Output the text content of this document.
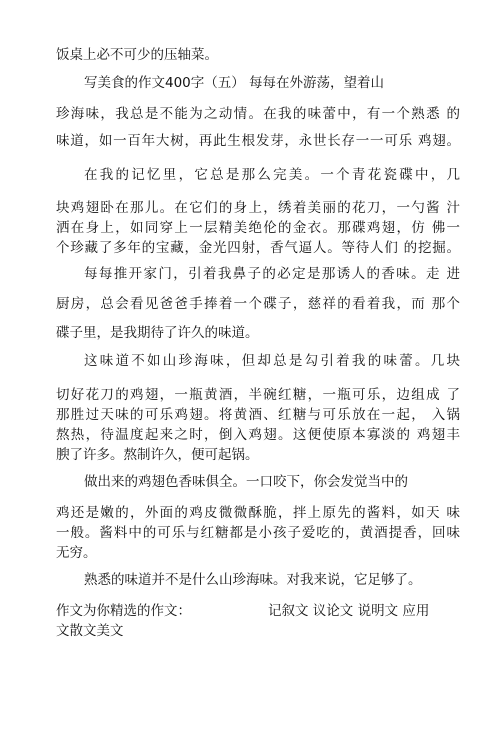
饭桌上必不可少的压轴菜。
写美食的作文400字（五） 每每在外游荡，望着山
珍海味，我总是不能为之动情。在我的味蕾中，有一个熟悉 的
味道，如一百年大树，再此生根发芽，永世长存一一可乐 鸡翅。
在我的记忆里，它总是那么完美。一个青花瓷碟中，几
块鸡翅卧在那儿。在它们的身上，绣着美丽的花刀，一勺酱 汁
洒在身上，如同穿上一层精美绝伦的金衣。那碟鸡翅，仿 佛一
个珍藏了多年的宝藏，金光四射，香气逼人。等待人们 的挖掘。
每每推开家门，引着我鼻子的必定是那诱人的香味。走 进
厨房，总会看见爸爸手捧着一个碟子，慈祥的看着我，而 那个
碟子里，是我期待了许久的味道。
这味道不如山珍海味，但却总是勾引着我的味蕾。几块
切好花刀的鸡翅，一瓶黄酒，半碗红糖，一瓶可乐，边组成 了
那胜过天味的可乐鸡翅。将黄酒、红糖与可乐放在一起， 入锅
熬热，待温度起来之时，倒入鸡翅。这便使原本寡淡的 鸡翅丰
腴了许多。熬制许久，便可起锅。
做出来的鸡翅色香味俱全。一口咬下，你会发觉当中的
鸡还是嫩的，外面的鸡皮微微酥脆，拌上原先的酱料，如天 味
一般。酱料中的可乐与红糖都是小孩子爱吃的，黄酒提香，回味
无穷。
熟悉的味道并不是什么山珍海味。对我来说，它足够了。
作文为你精选的作文：	记叙文 议论文 说明文 应用
文散文美文
